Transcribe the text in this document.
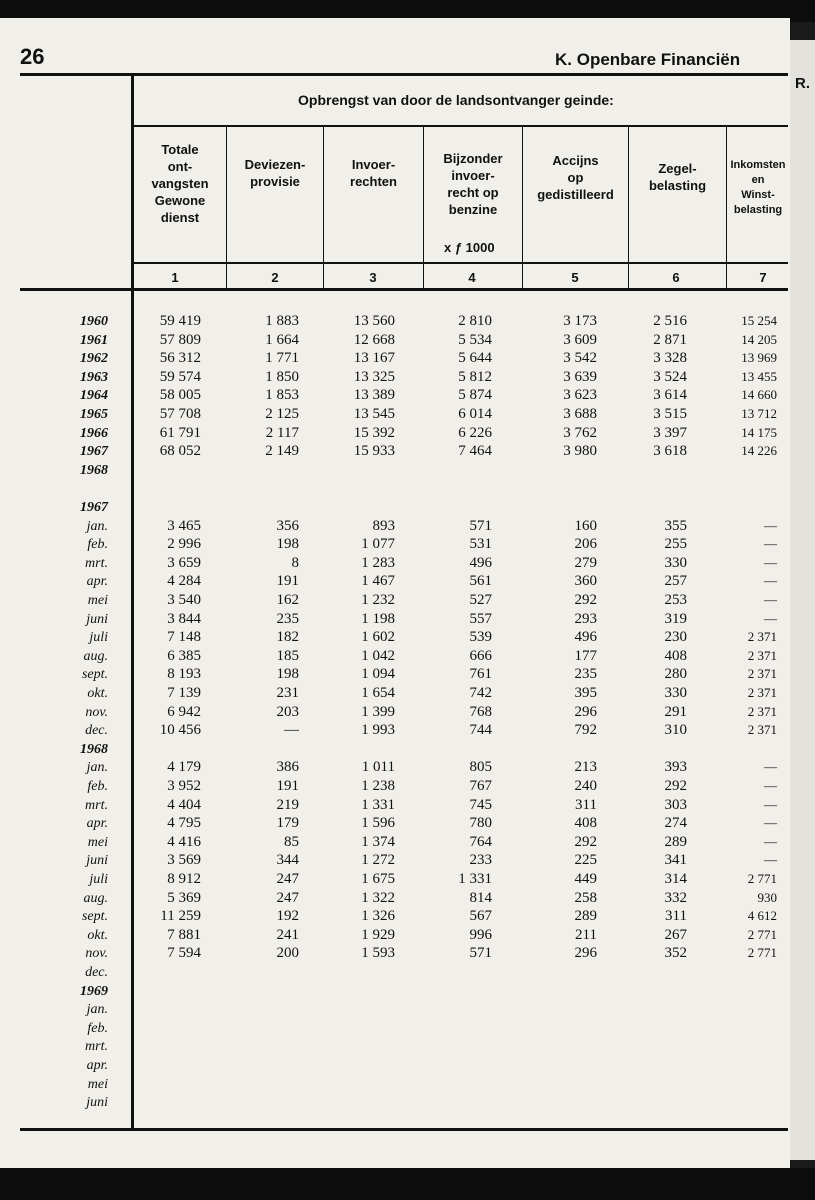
R.
26	K. Openbare Financiën
Opbrengst van door de landsontvanger geinde:
Totale
ont-
vangsten
Gewone
dienst
Deviezen-
provisie
Invoer-
rechten
Bijzonder
invoer-
recht op
benzine
Accijns
op
gedistilleerd
Zegel-
belasting
Inkomsten
en
Winst-
belasting
x ƒ 1000
1	2	3	4	5	6	7
1960	59 419	1 883	13 560	2 810	3 173	2 516	15 254
1961	57 809	1 664	12 668	5 534	3 609	2 871	14 205
1962	56 312	1 771	13 167	5 644	3 542	3 328	13 969
1963	59 574	1 850	13 325	5 812	3 639	3 524	13 455
1964	58 005	1 853	13 389	5 874	3 623	3 614	14 660
1965	57 708	2 125	13 545	6 014	3 688	3 515	13 712
1966	61 791	2 117	15 392	6 226	3 762	3 397	14 175
1967	68 052	2 149	15 933	7 464	3 980	3 618	14 226
1968
1967
jan.	3 465	356	893	571	160	355	—
feb.	2 996	198	1 077	531	206	255	—
mrt.	3 659	8	1 283	496	279	330	—
apr.	4 284	191	1 467	561	360	257	—
mei	3 540	162	1 232	527	292	253	—
juni	3 844	235	1 198	557	293	319	—
juli	7 148	182	1 602	539	496	230	2 371
aug.	6 385	185	1 042	666	177	408	2 371
sept.	8 193	198	1 094	761	235	280	2 371
okt.	7 139	231	1 654	742	395	330	2 371
nov.	6 942	203	1 399	768	296	291	2 371
dec.	10 456	—	1 993	744	792	310	2 371
1968
jan.	4 179	386	1 011	805	213	393	—
feb.	3 952	191	1 238	767	240	292	—
mrt.	4 404	219	1 331	745	311	303	—
apr.	4 795	179	1 596	780	408	274	—
mei	4 416	85	1 374	764	292	289	—
juni	3 569	344	1 272	233	225	341	—
juli	8 912	247	1 675	1 331	449	314	2 771
aug.	5 369	247	1 322	814	258	332	930
sept.	11 259	192	1 326	567	289	311	4 612
okt.	7 881	241	1 929	996	211	267	2 771
nov.	7 594	200	1 593	571	296	352	2 771
dec.
1969
jan.
feb.
mrt.
apr.
mei
juni
